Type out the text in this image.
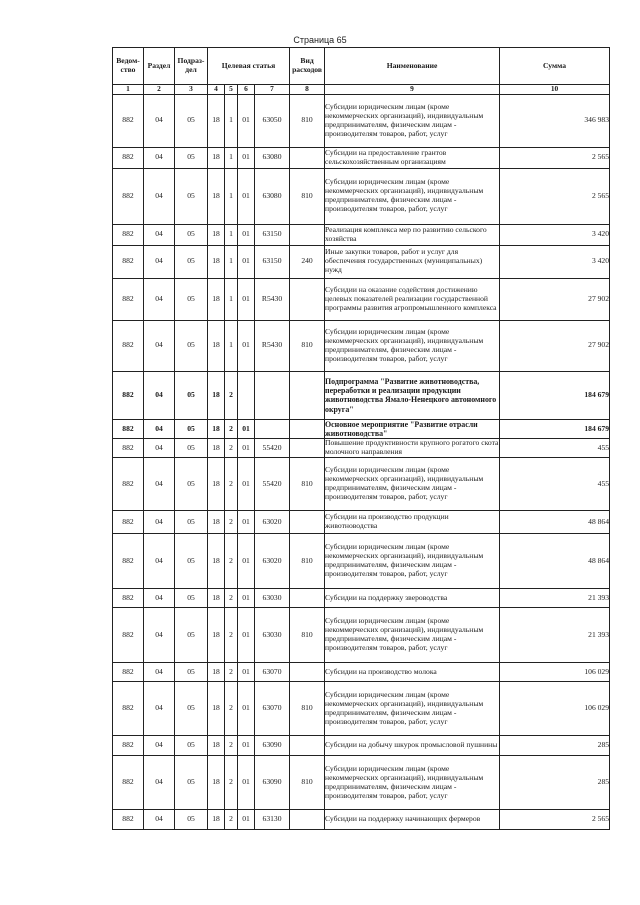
Страница 65
Ведом-ство	Раздел	Подраз-дел	Целевая статья				Вид расходов	Наименование	Сумма
1	2	3	4	5	6	7	8	9	10
882	04	05	18	1	01	63050	810	Субсидии юридическим лицам (кроме некоммерческих организаций), индивидуальным предпринимателям, физическим лицам - производителям товаров, работ, услуг	346 983
882	04	05	18	1	01	63080		Субсидии на предоставление грантов сельскохозяйственным организациям	2 565
882	04	05	18	1	01	63080	810	Субсидии юридическим лицам (кроме некоммерческих организаций), индивидуальным предпринимателям, физическим лицам - производителям товаров, работ, услуг	2 565
882	04	05	18	1	01	63150		Реализация комплекса мер по развитию сельского хозяйства	3 420
882	04	05	18	1	01	63150	240	Иные закупки товаров, работ и услуг для обеспечения государственных (муниципальных) нужд	3 420
882	04	05	18	1	01	R5430		Субсидии на оказание содействия достижению целевых показателей реализации государственной программы развития агропромышленного комплекса	27 902
882	04	05	18	1	01	R5430	810	Субсидии юридическим лицам (кроме некоммерческих организаций), индивидуальным предпринимателям, физическим лицам - производителям товаров, работ, услуг	27 902
882	04	05	18	2				Подпрограмма "Развитие животноводства, переработки и реализации продукции животноводства Ямало-Ненецкого автономного округа"	184 679
882	04	05	18	2	01			Основное мероприятие "Развитие отрасли животноводства"	184 679
882	04	05	18	2	01	55420		Повышение продуктивности крупного рогатого скота молочного направления	455
882	04	05	18	2	01	55420	810	Субсидии юридическим лицам (кроме некоммерческих организаций), индивидуальным предпринимателям, физическим лицам - производителям товаров, работ, услуг	455
882	04	05	18	2	01	63020		Субсидии на производство продукции животноводства	48 864
882	04	05	18	2	01	63020	810	Субсидии юридическим лицам (кроме некоммерческих организаций), индивидуальным предпринимателям, физическим лицам - производителям товаров, работ, услуг	48 864
882	04	05	18	2	01	63030		Субсидии на поддержку звероводства	21 393
882	04	05	18	2	01	63030	810	Субсидии юридическим лицам (кроме некоммерческих организаций), индивидуальным предпринимателям, физическим лицам - производителям товаров, работ, услуг	21 393
882	04	05	18	2	01	63070		Субсидии на производство молока	106 029
882	04	05	18	2	01	63070	810	Субсидии юридическим лицам (кроме некоммерческих организаций), индивидуальным предпринимателям, физическим лицам - производителям товаров, работ, услуг	106 029
882	04	05	18	2	01	63090		Субсидии на добычу шкурок промысловой пушнины	285
882	04	05	18	2	01	63090	810	Субсидии юридическим лицам (кроме некоммерческих организаций), индивидуальным предпринимателям, физическим лицам - производителям товаров, работ, услуг	285
882	04	05	18	2	01	63130		Субсидии на поддержку начинающих фермеров	2 565
